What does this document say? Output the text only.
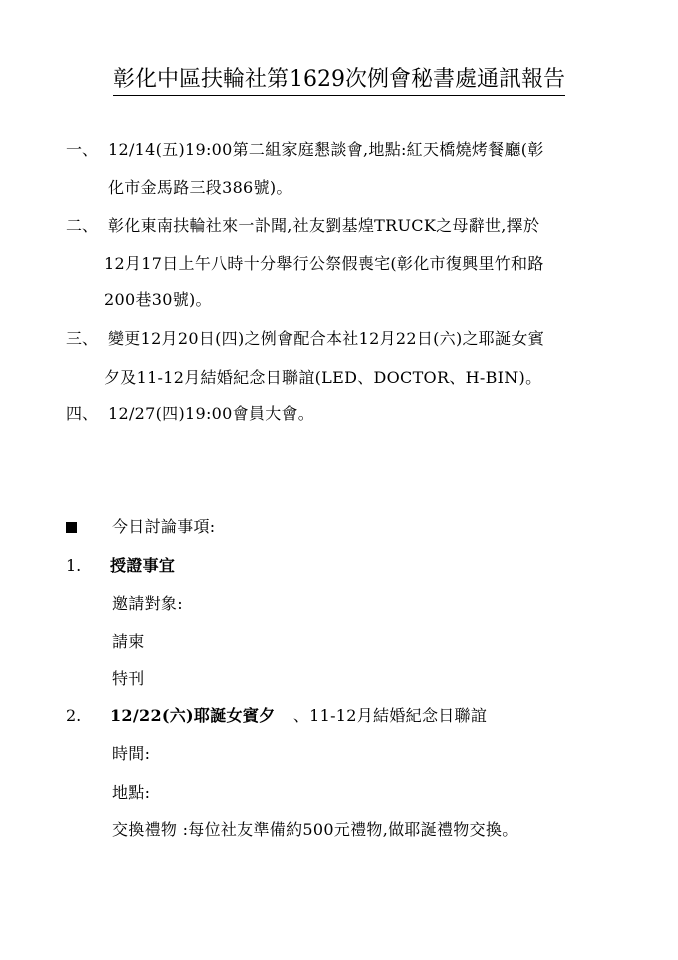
彰化中區扶輪社第1629次例會秘書處通訊報告
一、 12/14(五)19:00第二組家庭懇談會,地點:紅天橋燒烤餐廳(彰
化市金馬路三段386號)。
二、 彰化東南扶輪社來一訃聞,社友劉基煌TRUCK之母辭世,擇於
12月17日上午八時十分舉行公祭假喪宅(彰化市復興里竹和路
200巷30號)。
三、 變更12月20日(四)之例會配合本社12月22日(六)之耶誕女賓
夕及11-12月結婚紀念日聯誼(LED、DOCTOR、H-BIN)。
四、 12/27(四)19:00會員大會。
今日討論事項:
1. 授證事宜
邀請對象:
請柬
特刊
2. 12/22(六)耶誕女賓夕 、11-12月結婚紀念日聯誼
時間:
地點:
交換禮物 :每位社友準備約500元禮物,做耶誕禮物交換。
